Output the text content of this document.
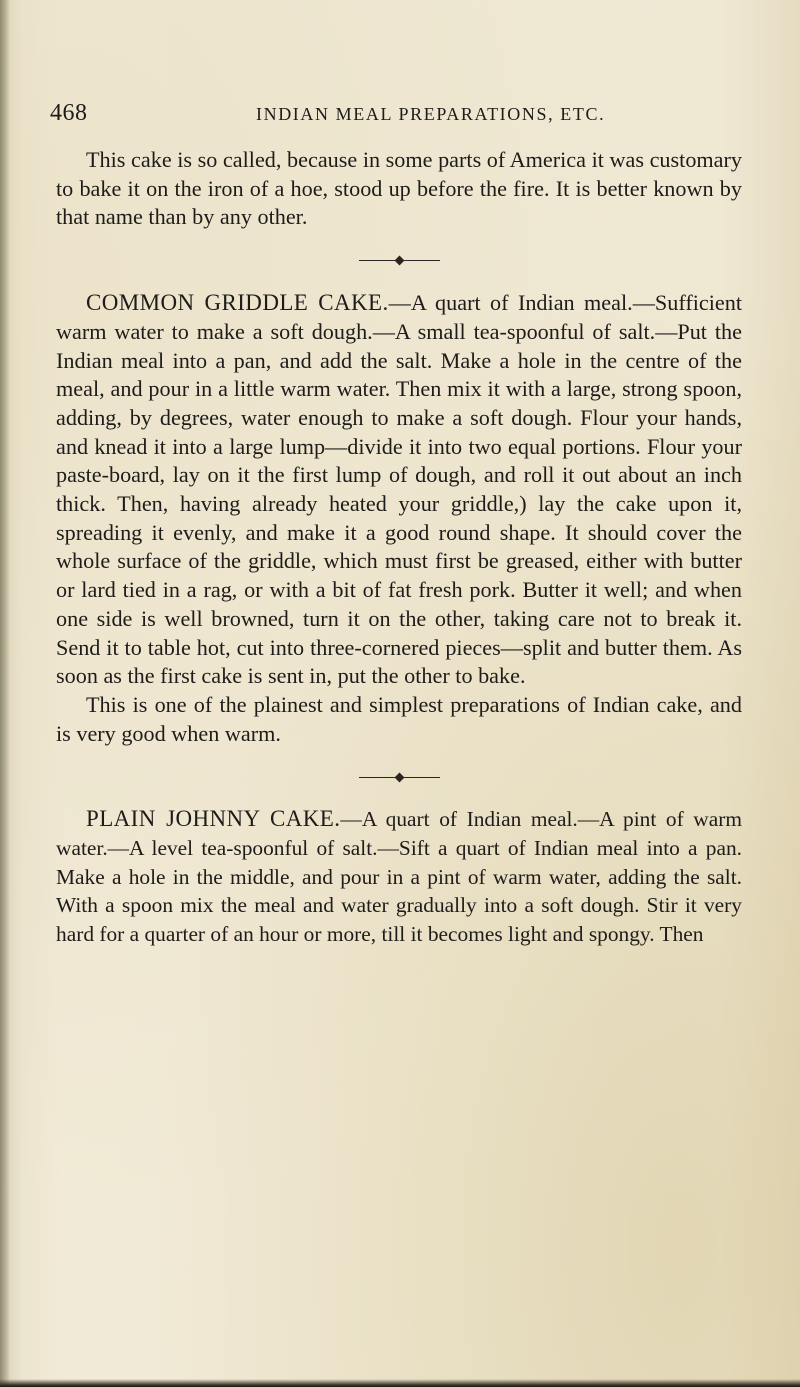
468	INDIAN MEAL PREPARATIONS, ETC.

This cake is so called, because in some parts of America it was customary to bake it on the iron of a hoe, stood up before the fire. It is better known by that name than by any other.

COMMON GRIDDLE CAKE.—A quart of Indian meal.—Sufficient warm water to make a soft dough.—A small tea-spoonful of salt.—Put the Indian meal into a pan, and add the salt. Make a hole in the centre of the meal, and pour in a little warm water. Then mix it with a large, strong spoon, adding, by degrees, water enough to make a soft dough. Flour your hands, and knead it into a large lump—divide it into two equal portions. Flour your paste-board, lay on it the first lump of dough, and roll it out about an inch thick. Then, having already heated your griddle,) lay the cake upon it, spreading it evenly, and make it a good round shape. It should cover the whole surface of the griddle, which must first be greased, either with butter or lard tied in a rag, or with a bit of fat fresh pork. Butter it well; and when one side is well browned, turn it on the other, taking care not to break it. Send it to table hot, cut into three-cornered pieces—split and butter them. As soon as the first cake is sent in, put the other to bake.

This is one of the plainest and simplest preparations of Indian cake, and is very good when warm.

PLAIN JOHNNY CAKE.—A quart of Indian meal.—A pint of warm water.—A level tea-spoonful of salt.—Sift a quart of Indian meal into a pan. Make a hole in the middle, and pour in a pint of warm water, adding the salt. With a spoon mix the meal and water gradually into a soft dough. Stir it very hard for a quarter of an hour or more, till it becomes light and spongy. Then
